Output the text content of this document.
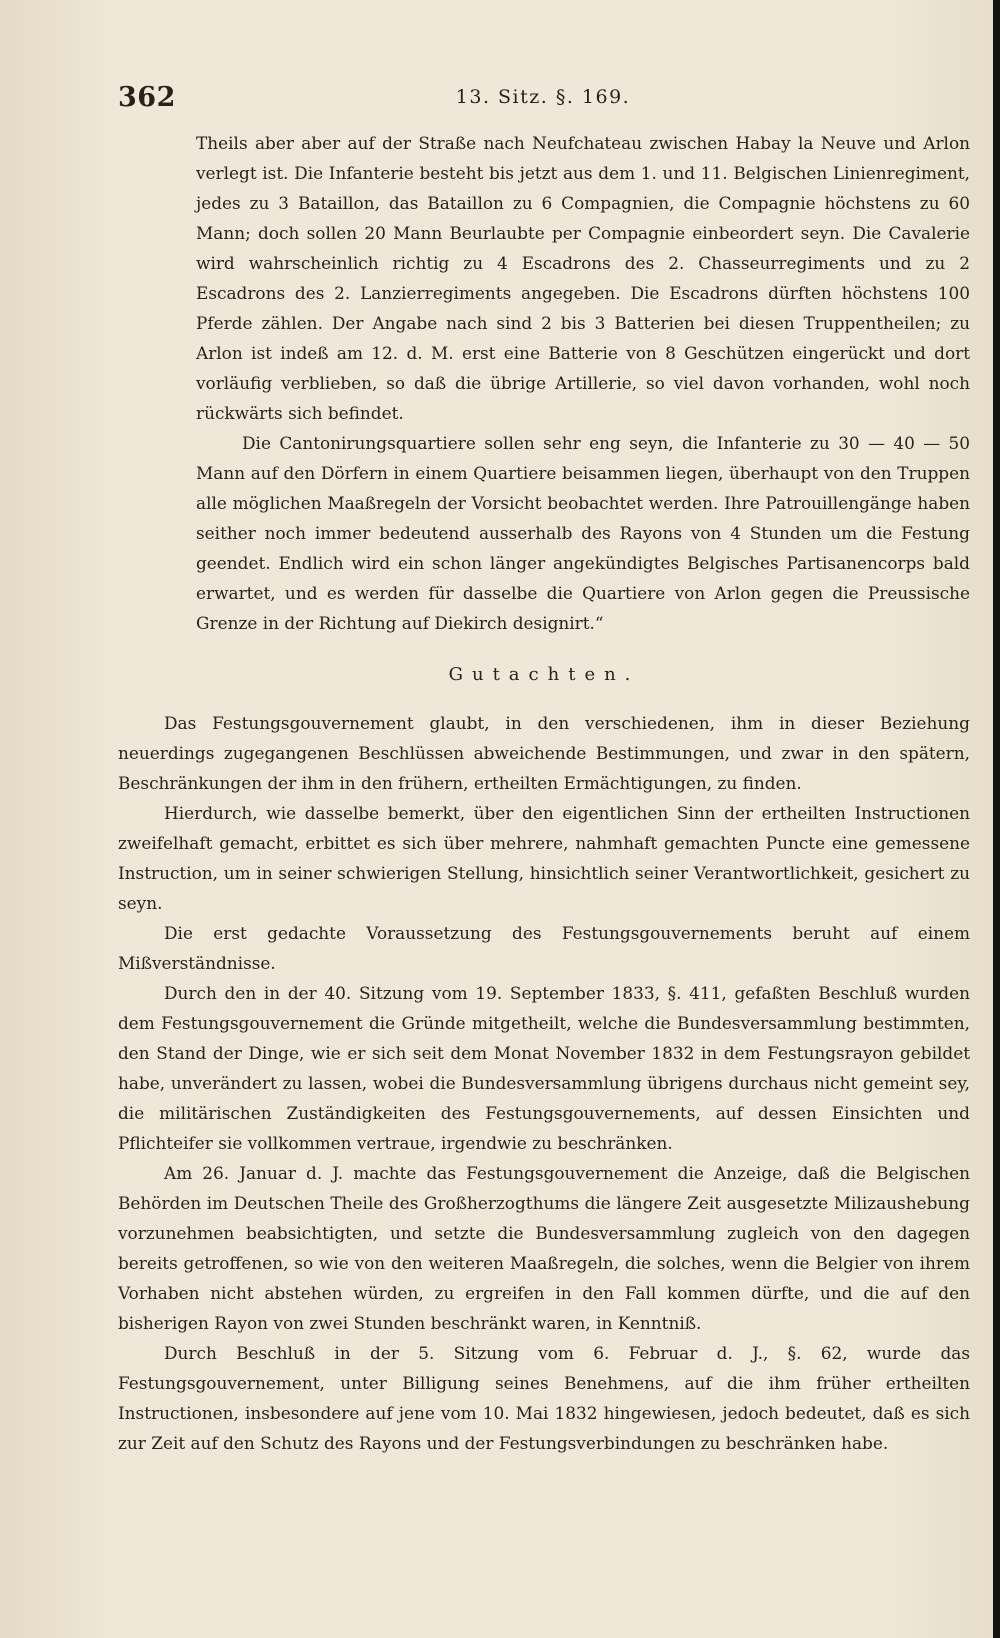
362	13. Sitz. §. 169.

Theils aber aber auf der Straße nach Neufchateau zwischen Habay la Neuve und Arlon verlegt ist. Die Infanterie besteht bis jetzt aus dem 1. und 11. Belgischen Linienregiment, jedes zu 3 Bataillon, das Bataillon zu 6 Compagnien, die Compagnie höchstens zu 60 Mann; doch sollen 20 Mann Beurlaubte per Compagnie einbeordert seyn. Die Cavalerie wird wahrscheinlich richtig zu 4 Escadrons des 2. Chasseurregiments und zu 2 Escadrons des 2. Lanzierregiments angegeben. Die Escadrons dürften höchstens 100 Pferde zählen. Der Angabe nach sind 2 bis 3 Batterien bei diesen Truppentheilen; zu Arlon ist indeß am 12. d. M. erst eine Batterie von 8 Geschützen eingerückt und dort vorläufig verblieben, so daß die übrige Artillerie, so viel davon vorhanden, wohl noch rückwärts sich befindet.

Die Cantonirungsquartiere sollen sehr eng seyn, die Infanterie zu 30 — 40 — 50 Mann auf den Dörfern in einem Quartiere beisammen liegen, überhaupt von den Truppen alle möglichen Maaßregeln der Vorsicht beobachtet werden. Ihre Patrouillengänge haben seither noch immer bedeutend ausserhalb des Rayons von 4 Stunden um die Festung geendet. Endlich wird ein schon länger angekündigtes Belgisches Partisanencorps bald erwartet, und es werden für dasselbe die Quartiere von Arlon gegen die Preussische Grenze in der Richtung auf Diekirch designirt.“

Gutachten.

Das Festungsgouvernement glaubt, in den verschiedenen, ihm in dieser Beziehung neuerdings zugegangenen Beschlüssen abweichende Bestimmungen, und zwar in den spätern, Beschränkungen der ihm in den frühern, ertheilten Ermächtigungen, zu finden.

Hierdurch, wie dasselbe bemerkt, über den eigentlichen Sinn der ertheilten Instructionen zweifelhaft gemacht, erbittet es sich über mehrere, nahmhaft gemachten Puncte eine gemessene Instruction, um in seiner schwierigen Stellung, hinsichtlich seiner Verantwortlichkeit, gesichert zu seyn.

Die erst gedachte Voraussetzung des Festungsgouvernements beruht auf einem Mißverständnisse.

Durch den in der 40. Sitzung vom 19. September 1833, §. 411, gefaßten Beschluß wurden dem Festungsgouvernement die Gründe mitgetheilt, welche die Bundesversammlung bestimmten, den Stand der Dinge, wie er sich seit dem Monat November 1832 in dem Festungsrayon gebildet habe, unverändert zu lassen, wobei die Bundesversammlung übrigens durchaus nicht gemeint sey, die militärischen Zuständigkeiten des Festungsgouvernements, auf dessen Einsichten und Pflichteifer sie vollkommen vertraue, irgendwie zu beschränken.

Am 26. Januar d. J. machte das Festungsgouvernement die Anzeige, daß die Belgischen Behörden im Deutschen Theile des Großherzogthums die längere Zeit ausgesetzte Milizaushebung vorzunehmen beabsichtigten, und setzte die Bundesversammlung zugleich von den dagegen bereits getroffenen, so wie von den weiteren Maaßregeln, die solches, wenn die Belgier von ihrem Vorhaben nicht abstehen würden, zu ergreifen in den Fall kommen dürfte, und die auf den bisherigen Rayon von zwei Stunden beschränkt waren, in Kenntniß.

Durch Beschluß in der 5. Sitzung vom 6. Februar d. J., §. 62, wurde das Festungsgouvernement, unter Billigung seines Benehmens, auf die ihm früher ertheilten Instructionen, insbesondere auf jene vom 10. Mai 1832 hingewiesen, jedoch bedeutet, daß es sich zur Zeit auf den Schutz des Rayons und der Festungsverbindungen zu beschränken habe.
